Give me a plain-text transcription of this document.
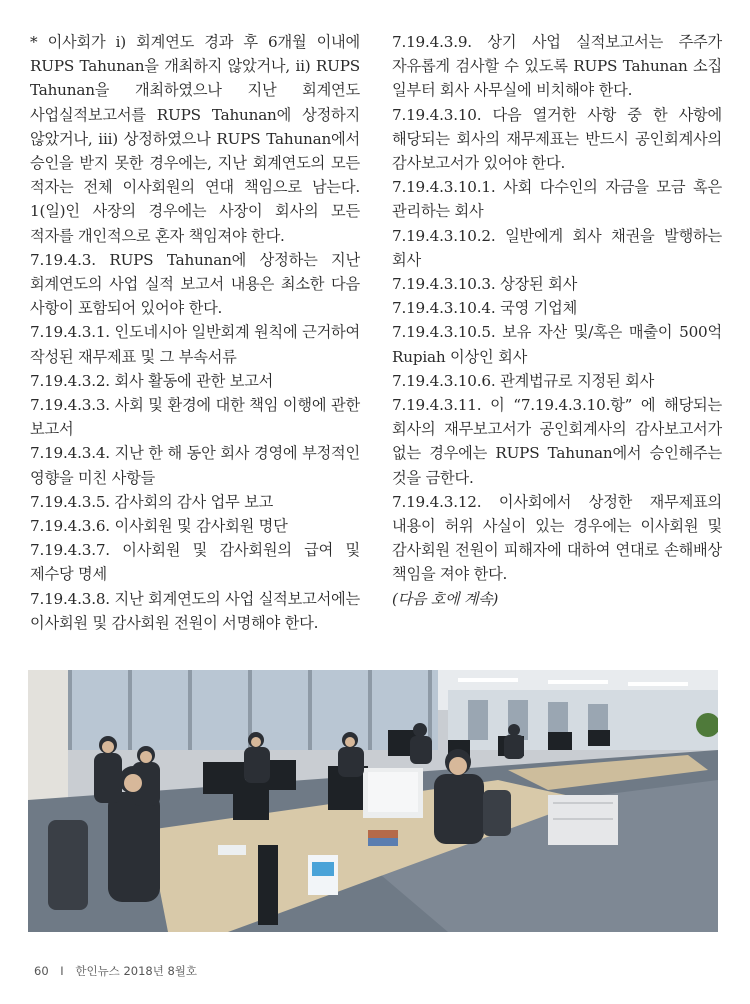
* 이사회가 i) 회계연도 경과 후 6개월 이내에 RUPS Tahunan을 개최하지 않았거나, ii) RUPS Tahunan을 개최하였으나 지난 회계연도 사업실적보고서를 RUPS Tahunan에 상정하지 않았거나, iii) 상정하였으나 RUPS Tahunan에서 승인을 받지 못한 경우에는, 지난 회계연도의 모든 적자는 전체 이사회원의 연대 책임으로 남는다. 1(일)인 사장의 경우에는 사장이 회사의 모든 적자를 개인적으로 혼자 책임져야 한다.

7.19.4.3. RUPS Tahunan에 상정하는 지난 회계연도의 사업 실적 보고서 내용은 최소한 다음 사항이 포함되어 있어야 한다.

7.19.4.3.1. 인도네시아 일반회계 원칙에 근거하여 작성된 재무제표 및 그 부속서류

7.19.4.3.2. 회사 활동에 관한 보고서

7.19.4.3.3. 사회 및 환경에 대한 책임 이행에 관한 보고서

7.19.4.3.4. 지난 한 해 동안 회사 경영에 부정적인 영향을 미친 사항들

7.19.4.3.5. 감사회의 감사 업무 보고

7.19.4.3.6. 이사회원 및 감사회원 명단

7.19.4.3.7. 이사회원 및 감사회원의 급여 및 제수당 명세

7.19.4.3.8. 지난 회계연도의 사업 실적보고서에는 이사회원 및 감사회원 전원이 서명해야 한다.

7.19.4.3.9. 상기 사업 실적보고서는 주주가 자유롭게 검사할 수 있도록 RUPS Tahunan 소집 일부터 회사 사무실에 비치해야 한다.

7.19.4.3.10. 다음 열거한 사항 중 한 사항에 해당되는 회사의 재무제표는 반드시 공인회계사의 감사보고서가 있어야 한다.

7.19.4.3.10.1. 사회 다수인의 자금을 모금 혹은 관리하는 회사

7.19.4.3.10.2. 일반에게 회사 채권을 발행하는 회사

7.19.4.3.10.3. 상장된 회사

7.19.4.3.10.4. 국영 기업체

7.19.4.3.10.5. 보유 자산 및/혹은 매출이 500억 Rupiah 이상인 회사

7.19.4.3.10.6. 관계법규로 지정된 회사

7.19.4.3.11. 이 “7.19.4.3.10.항” 에 해당되는 회사의 재무보고서가 공인회계사의 감사보고서가 없는 경우에는 RUPS Tahunan에서 승인해주는 것을 금한다.

7.19.4.3.12. 이사회에서 상정한 재무제표의 내용이 허위 사실이 있는 경우에는 이사회원 및 감사회원 전원이 피해자에 대하여 연대로 손해배상 책임을 져야 한다.

(다음 호에 계속)

60 I 한인뉴스 2018년 8월호
